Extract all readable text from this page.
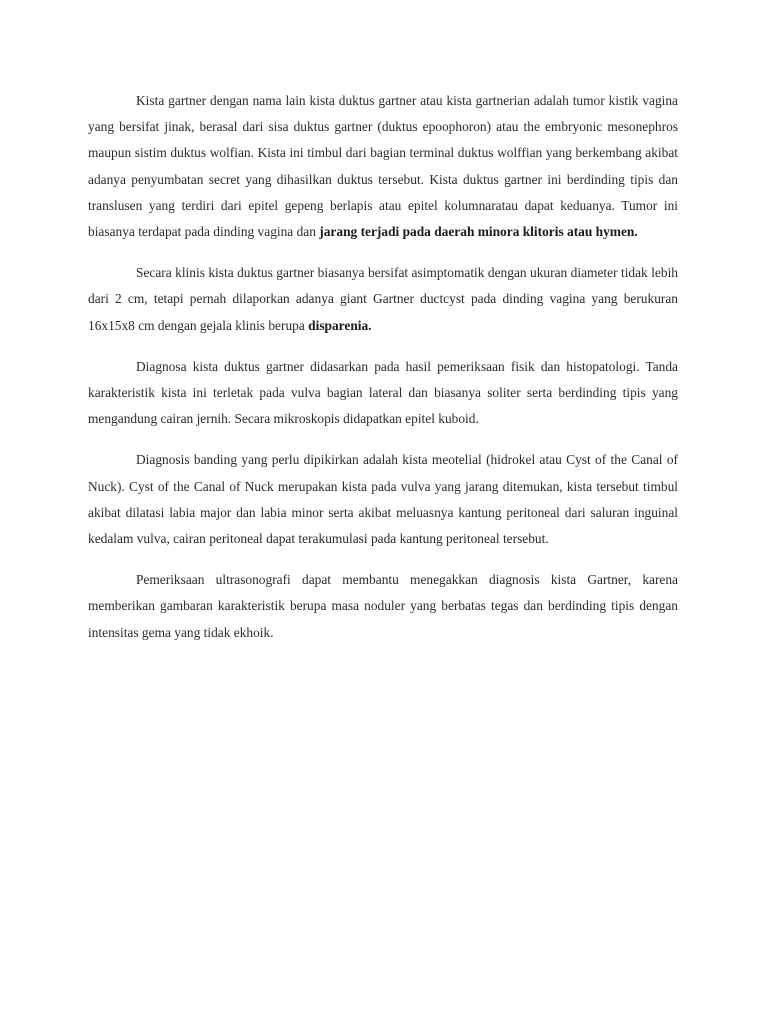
Kista gartner dengan nama lain kista duktus gartner atau kista gartnerian adalah tumor kistik vagina yang bersifat jinak, berasal dari sisa duktus gartner (duktus epoophoron) atau the embryonic mesonephros maupun sistim duktus wolfian. Kista ini timbul dari bagian terminal duktus wolffian yang berkembang akibat adanya penyumbatan secret yang dihasilkan duktus tersebut. Kista duktus gartner ini berdinding tipis dan translusen yang terdiri dari epitel gepeng berlapis atau epitel kolumnaratau dapat keduanya. Tumor ini biasanya terdapat pada dinding vagina dan jarang terjadi pada daerah minora klitoris atau hymen.

Secara klinis kista duktus gartner biasanya bersifat asimptomatik dengan ukuran diameter tidak lebih dari 2 cm, tetapi pernah dilaporkan adanya giant Gartner ductcyst pada dinding vagina yang berukuran 16x15x8 cm dengan gejala klinis berupa disparenia.

Diagnosa kista duktus gartner didasarkan pada hasil pemeriksaan fisik dan histopatologi. Tanda karakteristik kista ini terletak pada vulva bagian lateral dan biasanya soliter serta berdinding tipis yang mengandung cairan jernih. Secara mikroskopis didapatkan epitel kuboid.

Diagnosis banding yang perlu dipikirkan adalah kista meotelial (hidrokel atau Cyst of the Canal of Nuck). Cyst of the Canal of Nuck merupakan kista pada vulva yang jarang ditemukan, kista tersebut timbul akibat dilatasi labia major dan labia minor serta akibat meluasnya kantung peritoneal dari saluran inguinal kedalam vulva, cairan peritoneal dapat terakumulasi pada kantung peritoneal tersebut.

Pemeriksaan ultrasonografi dapat membantu menegakkan diagnosis kista Gartner, karena memberikan gambaran karakteristik berupa masa noduler yang berbatas tegas dan berdinding tipis dengan intensitas gema yang tidak ekhoik.
